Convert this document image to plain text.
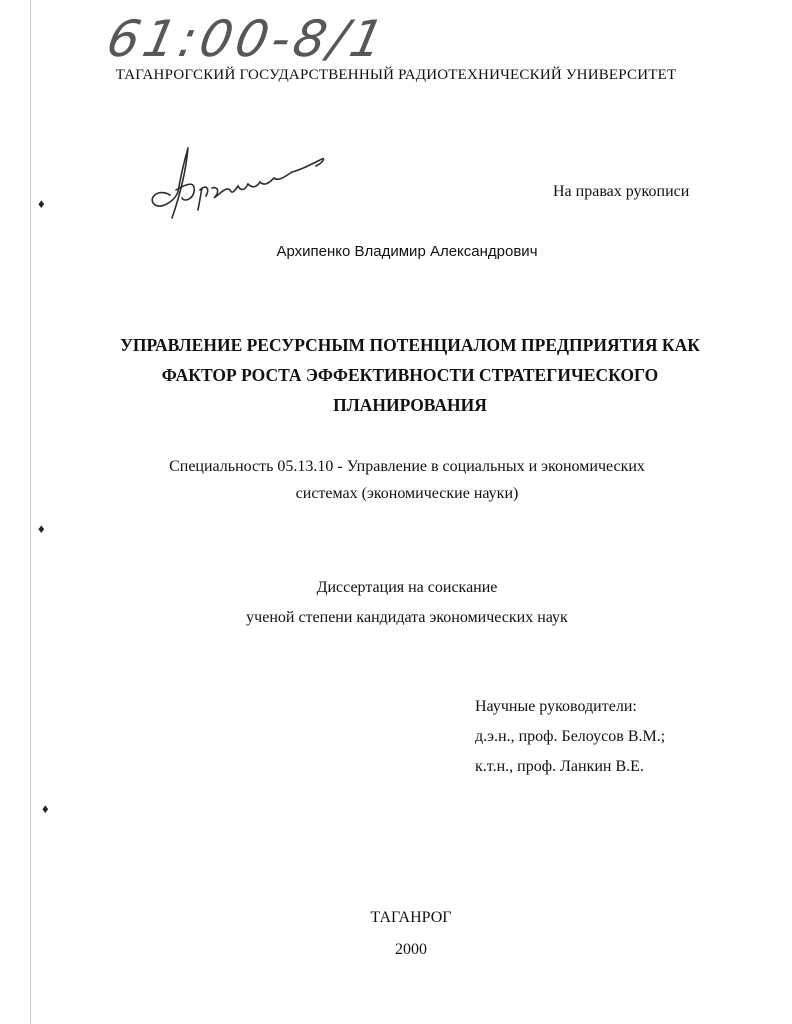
♦
♦
♦
61:00-8/1
ТАГАНРОГСКИЙ ГОСУДАРСТВЕННЫЙ РАДИОТЕХНИЧЕСКИЙ УНИВЕРСИТЕТ
На правах рукописи
Архипенко Владимир Александрович
УПРАВЛЕНИЕ РЕСУРСНЫМ ПОТЕНЦИАЛОМ ПРЕДПРИЯТИЯ КАК
ФАКТОР РОСТА ЭФФЕКТИВНОСТИ СТРАТЕГИЧЕСКОГО
ПЛАНИРОВАНИЯ
Специальность 05.13.10 - Управление в социальных и экономических
системах (экономические науки)
Диссертация на соискание
ученой степени кандидата экономических наук
Научные руководители:
д.э.н., проф. Белоусов В.М.;
к.т.н., проф. Ланкин В.Е.
ТАГАНРОГ
2000
